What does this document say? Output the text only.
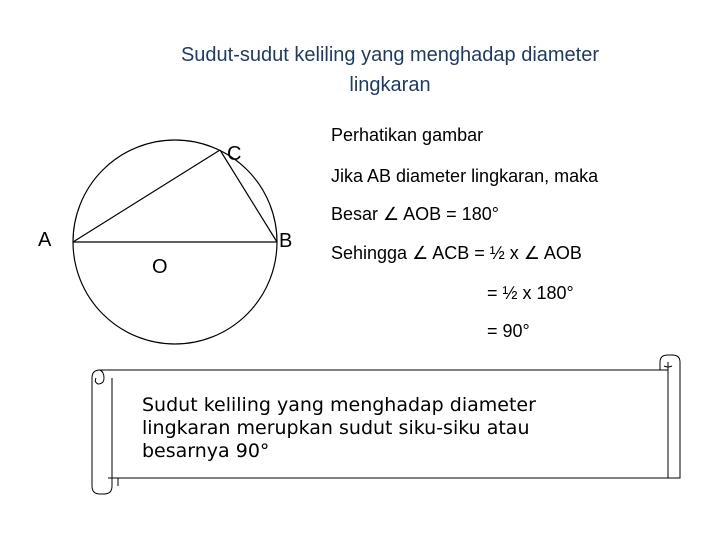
Sudut-sudut keliling yang menghadap diameter
lingkaran
C
A	B
O
Perhatikan gambar
Jika AB diameter lingkaran, maka
Besar ∠ AOB = 180°
Sehingga ∠ ACB = ½ x ∠ AOB
= ½ x 180°
= 90°
Sudut keliling yang menghadap diameter
lingkaran merupkan sudut siku-siku atau
besarnya 90°
